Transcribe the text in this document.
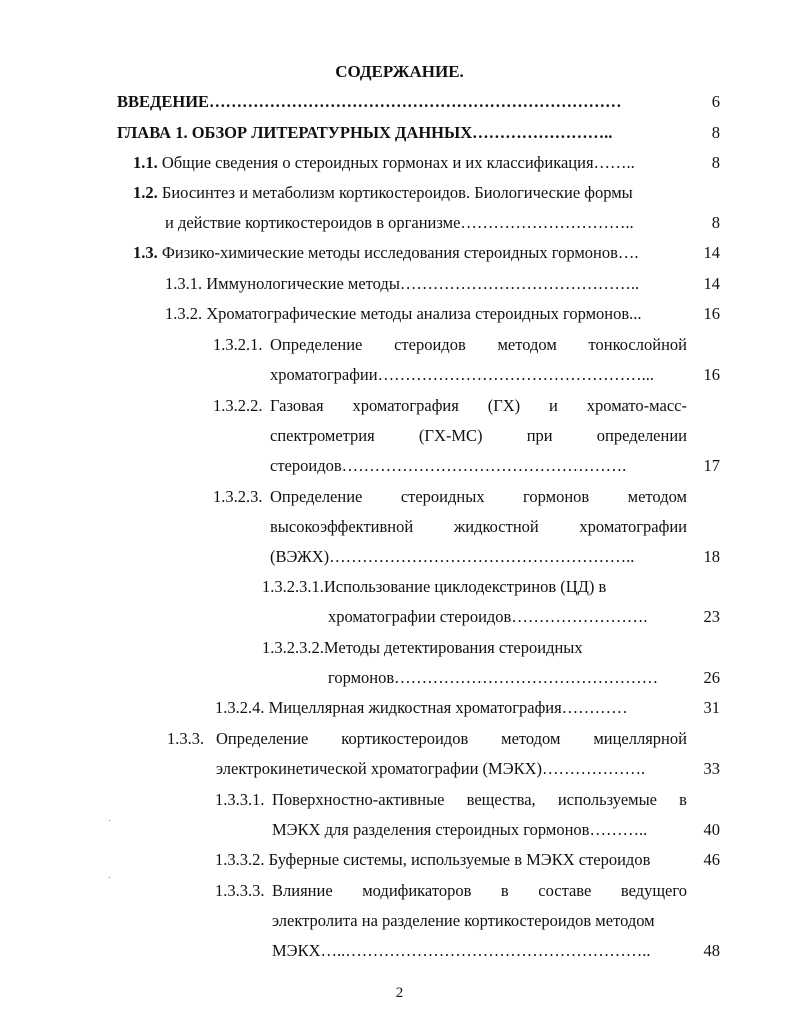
СОДЕРЖАНИЕ.
ВВЕДЕНИЕ…………………………………………………………………	6
ГЛАВА 1. ОБЗОР ЛИТЕРАТУРНЫХ ДАННЫХ……………………..	8
1.1. Общие сведения о стероидных гормонах и их классификация……..	8
1.2. Биосинтез и метаболизм кортикостероидов. Биологические формы
и действие кортикостероидов в организме…………………………..	8
1.3. Физико-химические методы исследования стероидных гормонов….	14
1.3.1. Иммунологические методы……………………………………..	14
1.3.2. Хроматографические методы анализа стероидных гормонов...	16
1.3.2.1. Определение стероидов методом тонкослойной
хроматографии…………………………………………...	16
1.3.2.2. Газовая хроматография (ГХ) и хромато-масс-
спектрометрия	(ГХ-МС)	при	определении
стероидов…………………………………………….	17
1.3.2.3. Определение стероидных гормонов методом
высокоэффективной жидкостной хроматографии
(ВЭЖХ)………………………………………………..	18
1.3.2.3.1.Использование циклодекстринов (ЦД) в
хроматографии стероидов…………………….	23
1.3.2.3.2.Методы детектирования стероидных
гормонов…………………………………………	26
1.3.2.4. Мицеллярная жидкостная хроматография…………	31
1.3.3. Определение кортикостероидов методом мицеллярной
электрокинетической хроматографии (МЭКХ)……………….	33
1.3.3.1. Поверхностно-активные вещества, используемые в
МЭКХ для разделения стероидных гормонов………..	40
1.3.3.2. Буферные системы, используемые в МЭКХ стероидов	46
1.3.3.3. Влияние модификаторов в составе ведущего
электролита на разделение кортикостероидов методом
МЭКХ…..………………………………………………..	48
2
